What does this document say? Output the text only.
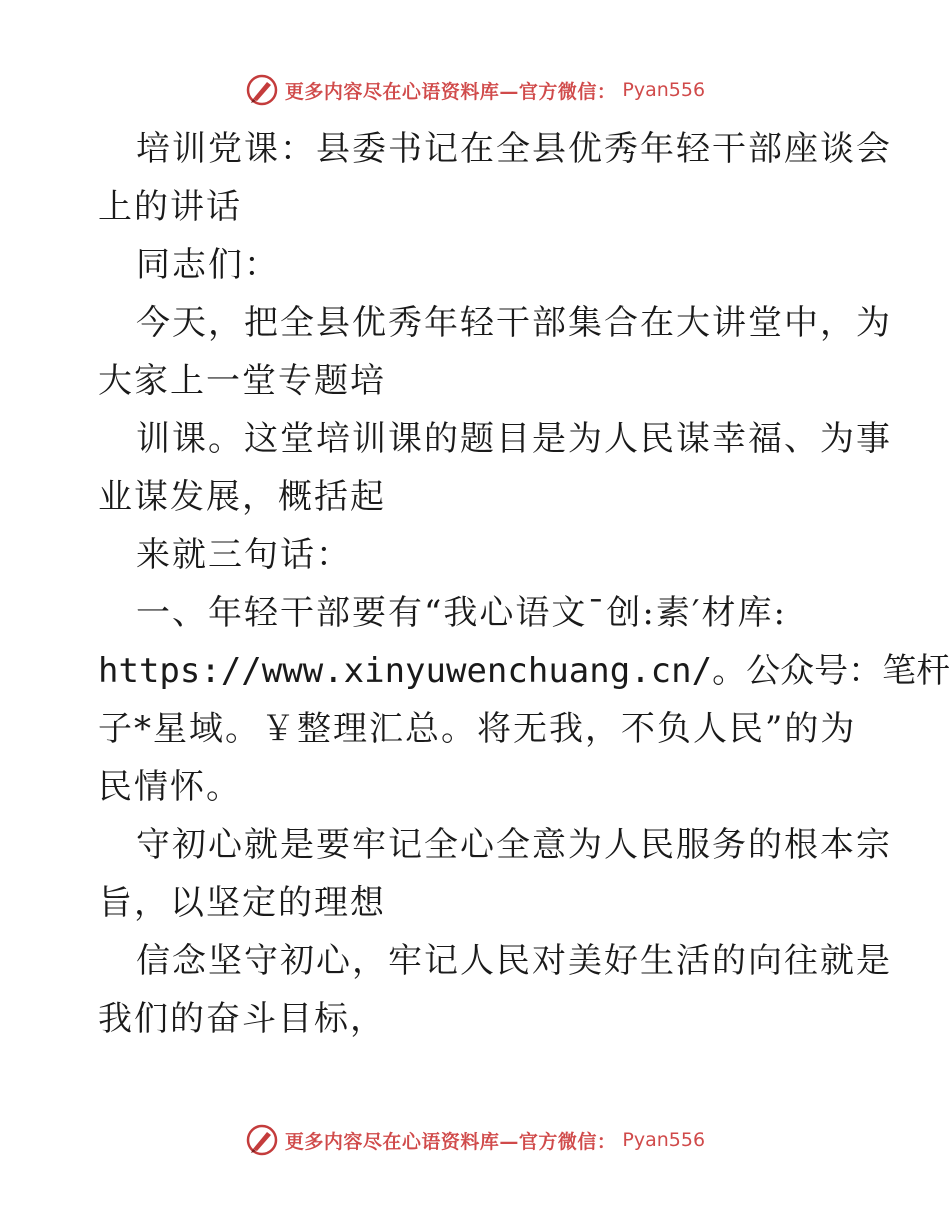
更多内容尽在心语资料库—官方微信： Pyan556
培训党课：县委书记在全县优秀年轻干部座谈会
上的讲话
同志们：
今天，把全县优秀年轻干部集合在大讲堂中，为
大家上一堂专题培
训课。这堂培训课的题目是为人民谋幸福、为事
业谋发展，概括起
来就三句话：
一、年轻干部要有“我心语文¯创:素′材库:
https://www.xinyuwenchuang.cn/。公众号：笔杆
子*星域。￥整理汇总。将无我，不负人民”的为
民情怀。
守初心就是要牢记全心全意为人民服务的根本宗
旨，以坚定的理想
信念坚守初心，牢记人民对美好生活的向往就是
我们的奋斗目标，
更多内容尽在心语资料库—官方微信： Pyan556
